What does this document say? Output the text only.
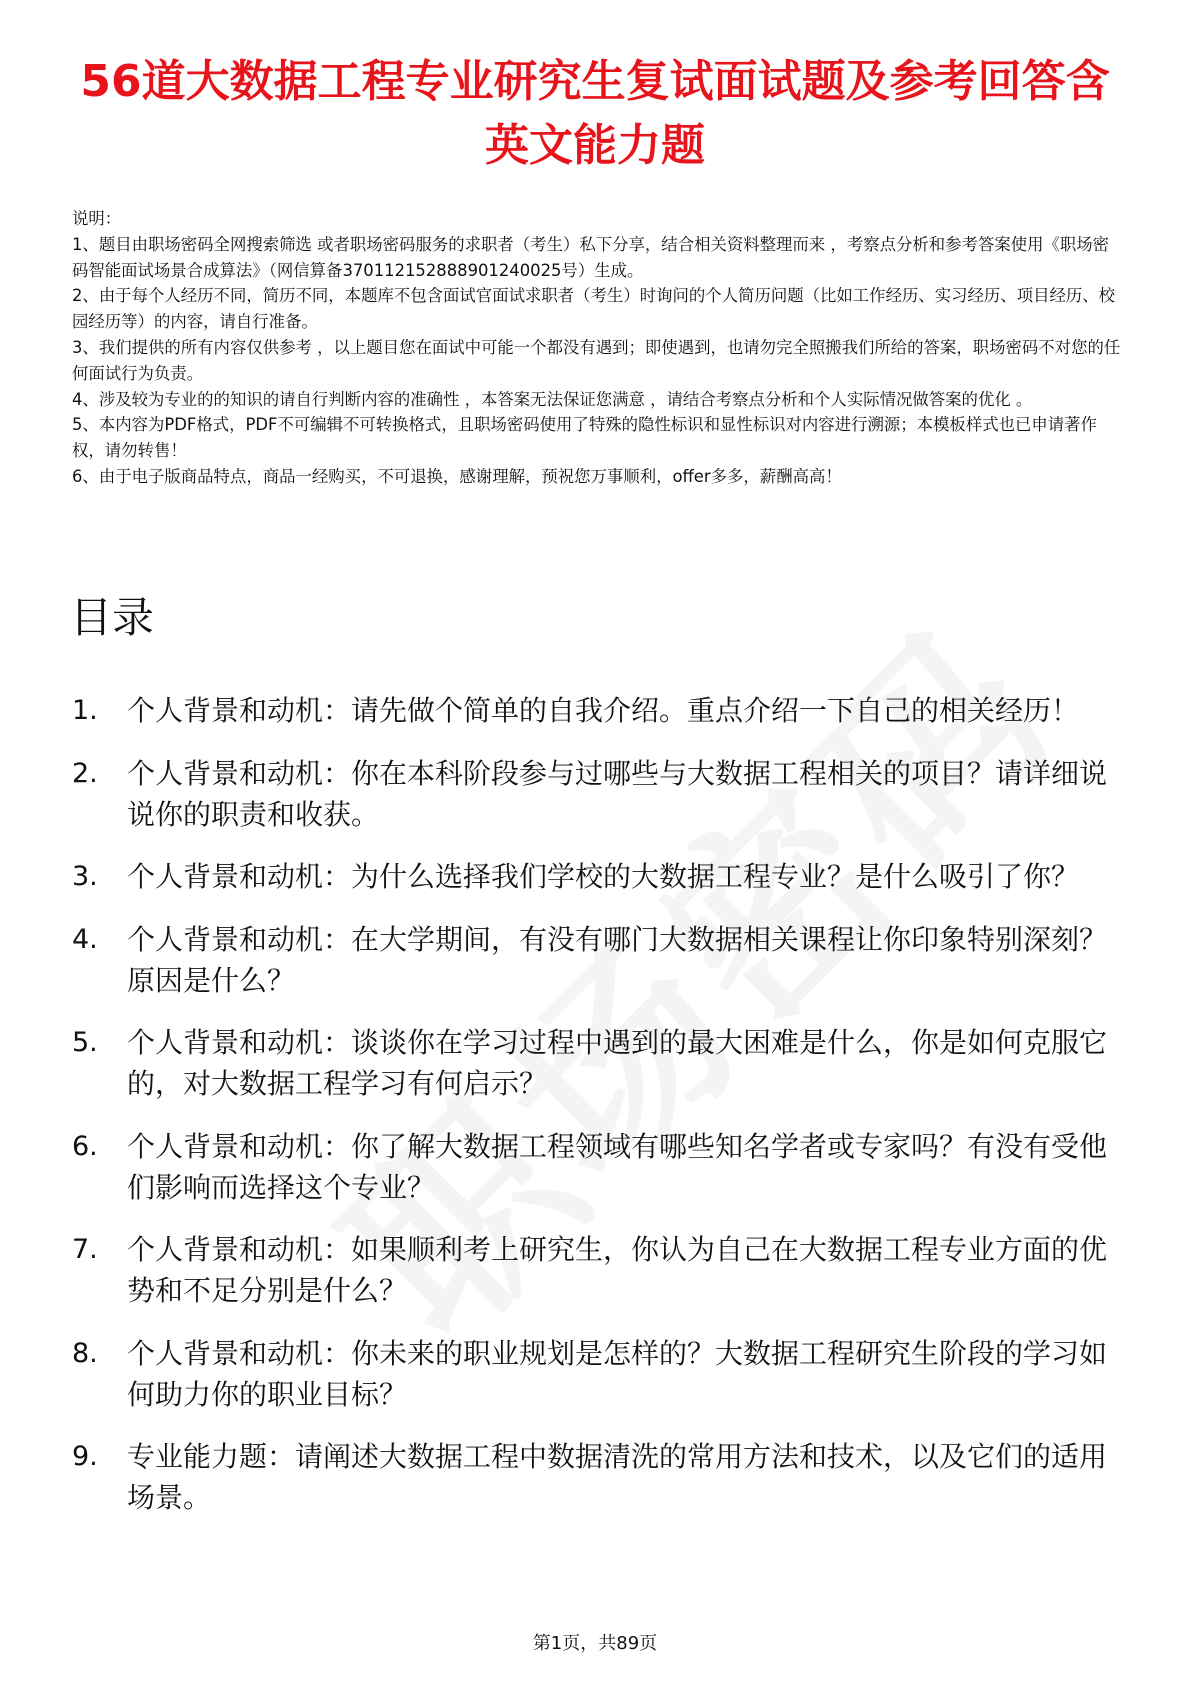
56道大数据工程专业研究生复试面试题及参考回答含英文能力题

说明：

1、题目由职场密码全网搜索筛选 或者职场密码服务的求职者（考生）私下分享，结合相关资料整理而来 ，考察点分析和参考答案使用《职场密码智能面试场景合成算法》（网信算备370112152888901240025号）生成。

2、由于每个人经历不同，简历不同，本题库不包含面试官面试求职者（考生）时询问的个人简历问题（比如工作经历、实习经历、项目经历、校园经历等）的内容，请自行准备。

3、我们提供的所有内容仅供参考 ，以上题目您在面试中可能一个都没有遇到；即使遇到，也请勿完全照搬我们所给的答案，职场密码不对您的任何面试行为负责。

4、涉及较为专业的的知识的请自行判断内容的准确性 ，本答案无法保证您满意 ，请结合考察点分析和个人实际情况做答案的优化 。

5、本内容为PDF格式，PDF不可编辑不可转换格式，且职场密码使用了特殊的隐性标识和显性标识对内容进行溯源；本模板样式也已申请著作权，请勿转售！

6、由于电子版商品特点，商品一经购买，不可退换，感谢理解，预祝您万事顺利，offer多多，薪酬高高！

目录
1.	个人背景和动机：请先做个简单的自我介绍。重点介绍一下自己的相关经历！
2.	个人背景和动机：你在本科阶段参与过哪些与大数据工程相关的项目？请详细说说你的职责和收获。
3.	个人背景和动机：为什么选择我们学校的大数据工程专业？是什么吸引了你？
4.	个人背景和动机：在大学期间，有没有哪门大数据相关课程让你印象特别深刻？原因是什么？
5.	个人背景和动机：谈谈你在学习过程中遇到的最大困难是什么，你是如何克服它的，对大数据工程学习有何启示？
6.	个人背景和动机：你了解大数据工程领域有哪些知名学者或专家吗？有没有受他们影响而选择这个专业？
7.	个人背景和动机：如果顺利考上研究生，你认为自己在大数据工程专业方面的优势和不足分别是什么？
8.	个人背景和动机：你未来的职业规划是怎样的？大数据工程研究生阶段的学习如何助力你的职业目标？
9.	专业能力题：请阐述大数据工程中数据清洗的常用方法和技术，以及它们的适用场景。
第1页，共89页
